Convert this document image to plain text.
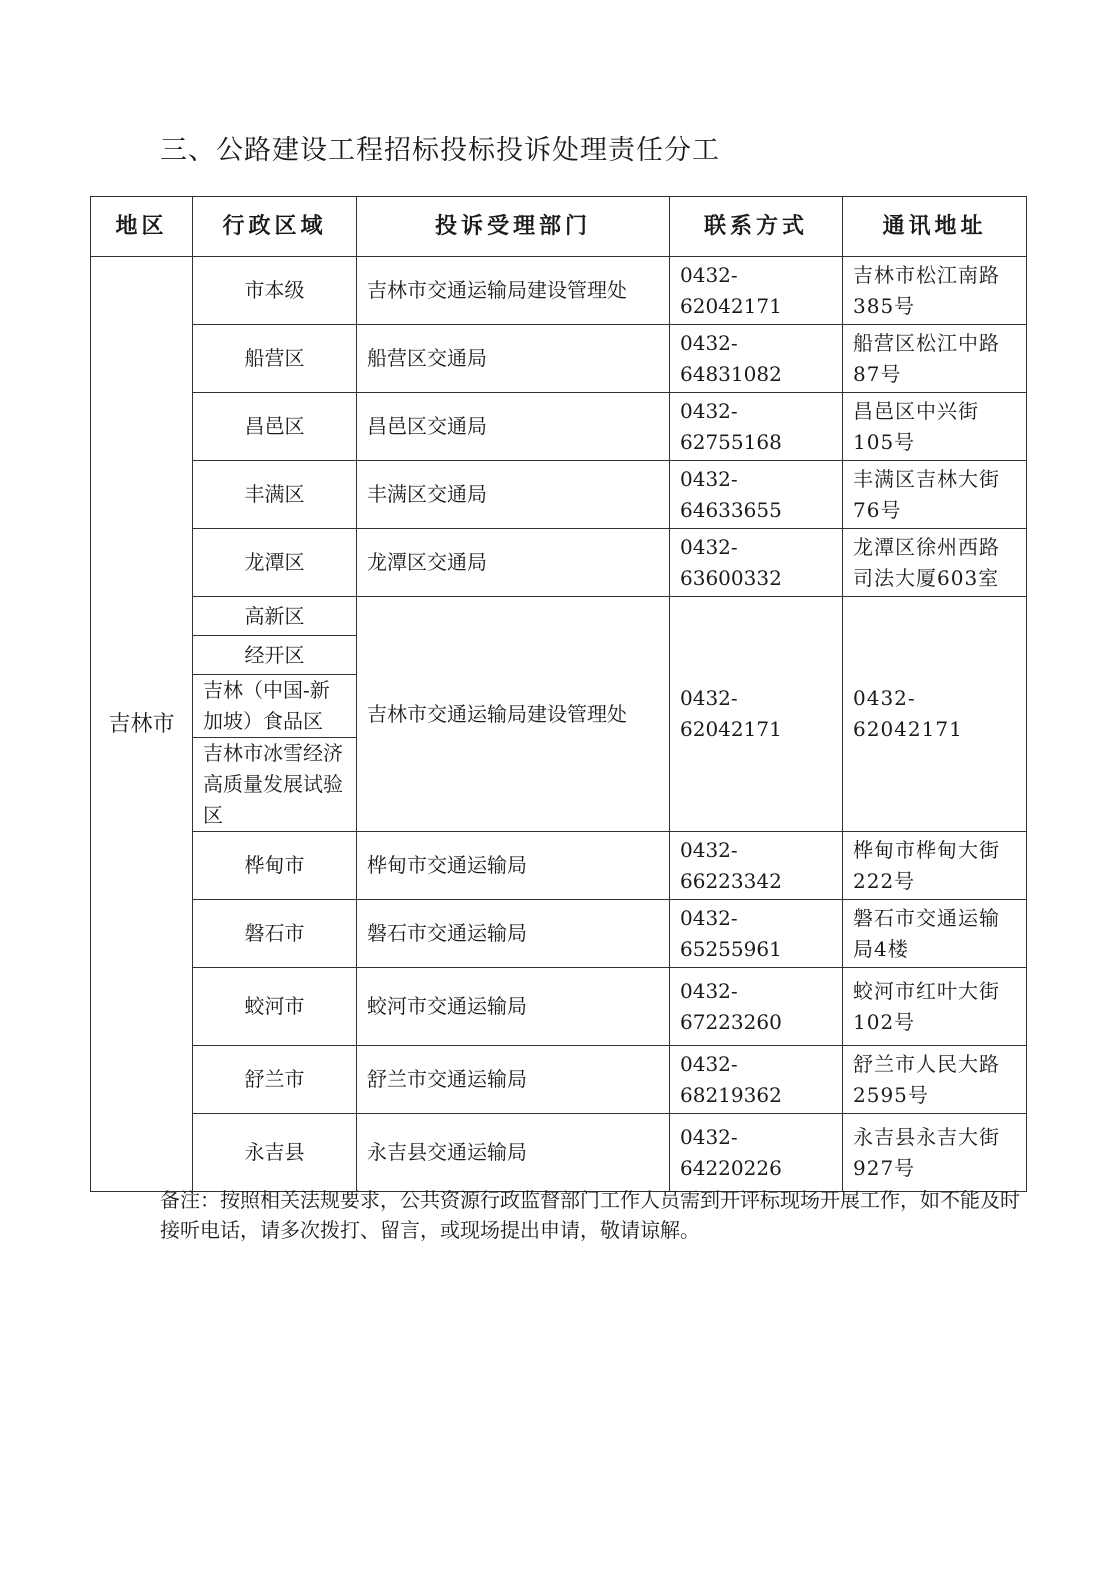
三、公路建设工程招标投标投诉处理责任分工
地区	行政区域	投诉受理部门	联系方式	通讯地址
吉林市	市本级	吉林市交通运输局建设管理处	0432-62042171	吉林市松江南路385号
	船营区	船营区交通局	0432-64831082	船营区松江中路87号
	昌邑区	昌邑区交通局	0432-62755168	昌邑区中兴街105号
	丰满区	丰满区交通局	0432-64633655	丰满区吉林大街76号
	龙潭区	龙潭区交通局	0432-63600332	龙潭区徐州西路司法大厦603室
	高新区	吉林市交通运输局建设管理处	0432-62042171	0432-62042171
	经开区			
	吉林（中国-新加坡）食品区			
	吉林市冰雪经济高质量发展试验区			
	桦甸市	桦甸市交通运输局	0432-66223342	桦甸市桦甸大街222号
	磐石市	磐石市交通运输局	0432-65255961	磐石市交通运输局4楼
	蛟河市	蛟河市交通运输局	0432-67223260	蛟河市红叶大街102号
	舒兰市	舒兰市交通运输局	0432-68219362	舒兰市人民大路2595号
	永吉县	永吉县交通运输局	0432-64220226	永吉县永吉大街927号

备注：按照相关法规要求，公共资源行政监督部门工作人员需到开评标现场开展工作，如不能及时接听电话，请多次拨打、留言，或现场提出申请，敬请谅解。
